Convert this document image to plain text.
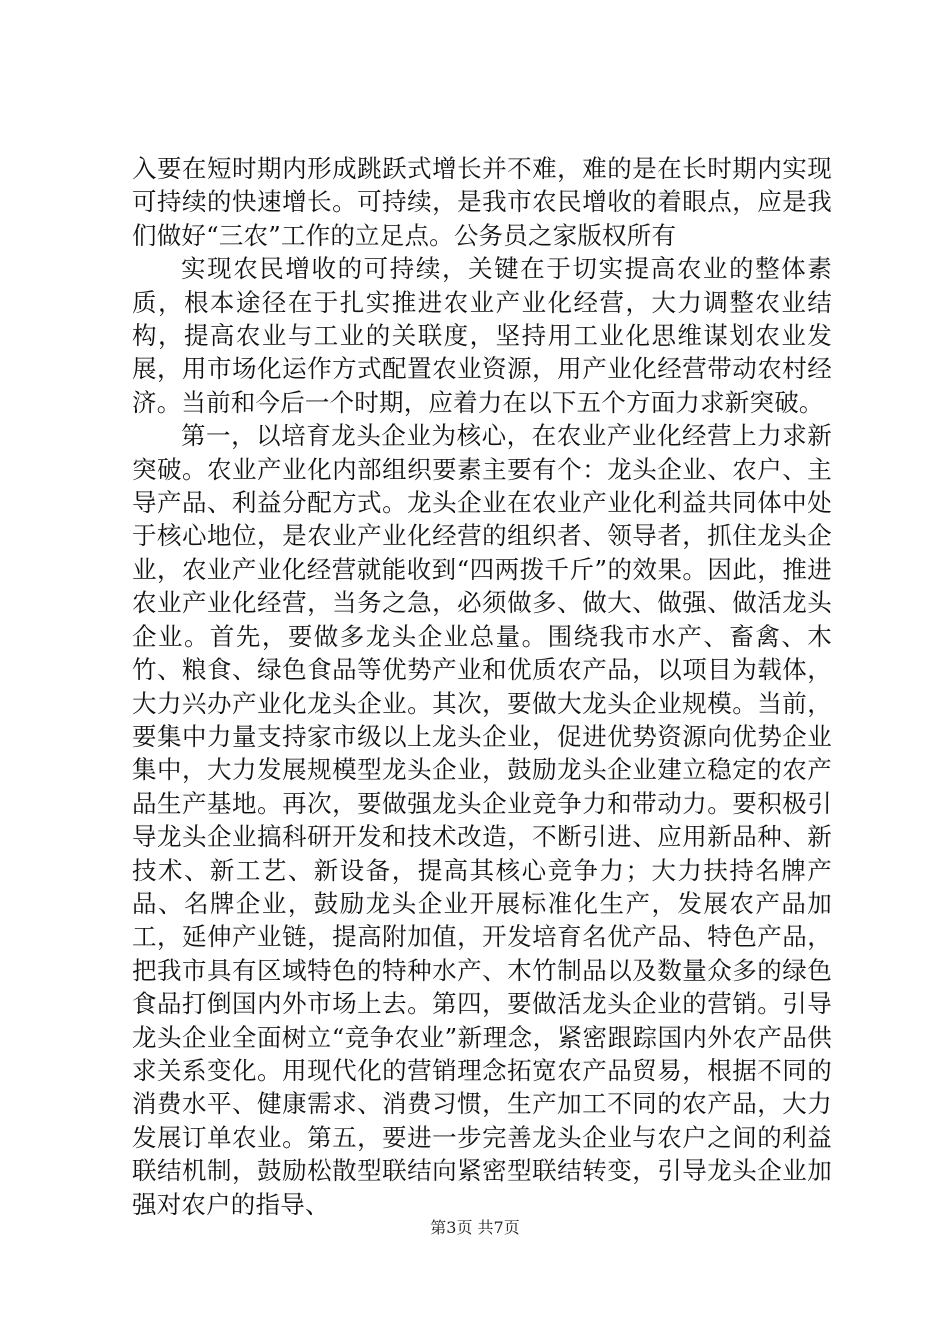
入要在短时期内形成跳跃式增长并不难，难的是在长时期内实现可持续的快速增长。可持续，是我市农民增收的着眼点，应是我们做好“三农”工作的立足点。公务员之家版权所有

实现农民增收的可持续，关键在于切实提高农业的整体素质，根本途径在于扎实推进农业产业化经营，大力调整农业结构，提高农业与工业的关联度，坚持用工业化思维谋划农业发展，用市场化运作方式配置农业资源，用产业化经营带动农村经济。当前和今后一个时期，应着力在以下五个方面力求新突破。

第一，以培育龙头企业为核心，在农业产业化经营上力求新突破。农业产业化内部组织要素主要有个：龙头企业、农户、主导产品、利益分配方式。龙头企业在农业产业化利益共同体中处于核心地位，是农业产业化经营的组织者、领导者，抓住龙头企业，农业产业化经营就能收到“四两拨千斤”的效果。因此，推进农业产业化经营，当务之急，必须做多、做大、做强、做活龙头企业。首先，要做多龙头企业总量。围绕我市水产、畜禽、木竹、粮食、绿色食品等优势产业和优质农产品，以项目为载体，大力兴办产业化龙头企业。其次，要做大龙头企业规模。当前，要集中力量支持家市级以上龙头企业，促进优势资源向优势企业集中，大力发展规模型龙头企业，鼓励龙头企业建立稳定的农产品生产基地。再次，要做强龙头企业竞争力和带动力。要积极引导龙头企业搞科研开发和技术改造，不断引进、应用新品种、新技术、新工艺、新设备，提高其核心竞争力；大力扶持名牌产品、名牌企业，鼓励龙头企业开展标准化生产，发展农产品加工，延伸产业链，提高附加值，开发培育名优产品、特色产品，把我市具有区域特色的特种水产、木竹制品以及数量众多的绿色食品打倒国内外市场上去。第四，要做活龙头企业的营销。引导龙头企业全面树立“竞争农业”新理念，紧密跟踪国内外农产品供求关系变化。用现代化的营销理念拓宽农产品贸易，根据不同的消费水平、健康需求、消费习惯，生产加工不同的农产品，大力发展订单农业。第五，要进一步完善龙头企业与农户之间的利益联结机制，鼓励松散型联结向紧密型联结转变，引导龙头企业加强对农户的指导、

第3页 共7页
